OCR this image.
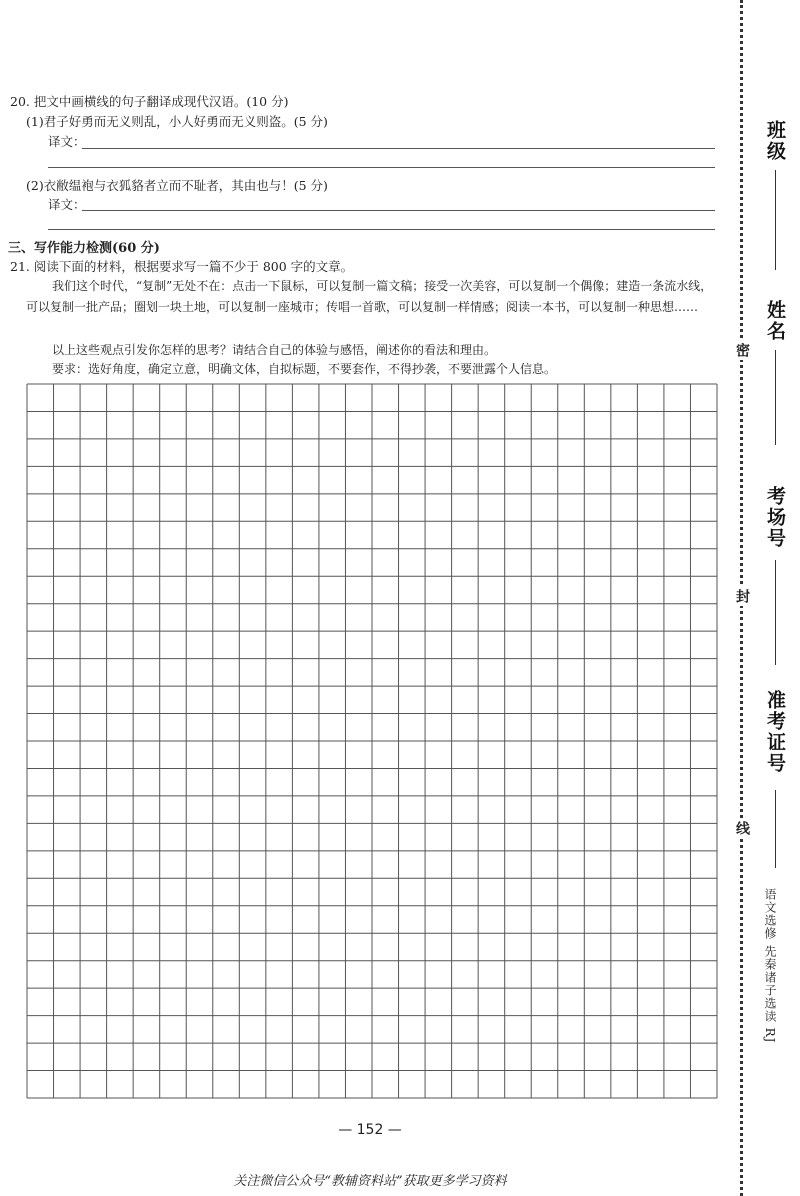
20. 把文中画横线的句子翻译成现代汉语。(10 分)
(1)君子好勇而无义则乱，小人好勇而无义则盗。(5 分)
译文：
(2)衣敝缊袍与衣狐貉者立而不耻者，其由也与！(5 分)
译文：
三、写作能力检测(60 分)
21. 阅读下面的材料，根据要求写一篇不少于 800 字的文章。
我们这个时代，“复制”无处不在：点击一下鼠标，可以复制一篇文稿；接受一次美容，可以复制一个偶像；建造一条流水线，可以复制一批产品；圈划一块土地，可以复制一座城市；传唱一首歌，可以复制一样情感；阅读一本书，可以复制一种思想……
以上这些观点引发你怎样的思考？请结合自己的体验与感悟，阐述你的看法和理由。
要求：选好角度，确定立意，明确文体，自拟标题，不要套作，不得抄袭，不要泄露个人信息。
— 152 —
关注微信公众号“教辅资料站”获取更多学习资料
班级
姓名
考场号
准考证号
密
封
线
语文选修 先秦诸子选读 RJ
